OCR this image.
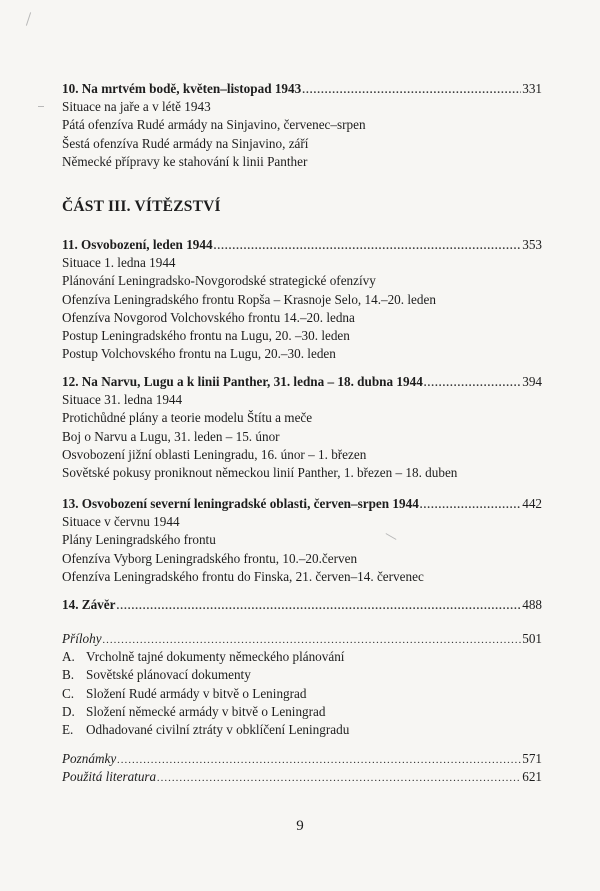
10. Na mrtvém bodě, květen–listopad 1943 .....	331
Situace na jaře a v létě 1943
Pátá ofenzíva Rudé armády na Sinjavino, červenec–srpen
Šestá ofenzíva Rudé armády na Sinjavino, září
Německé přípravy ke stahování k linii Panther
ČÁST III. VÍTĚZSTVÍ
11. Osvobození, leden 1944 .....	353
Situace 1. ledna 1944
Plánování Leningradsko-Novgorodské strategické ofenzívy
Ofenzíva Leningradského frontu Ropša – Krasnoje Selo, 14.–20. leden
Ofenzíva Novgorod Volchovského frontu 14.–20. ledna
Postup Leningradského frontu na Lugu, 20. –30. leden
Postup Volchovského frontu na Lugu, 20.–30. leden
12. Na Narvu, Lugu a k linii Panther, 31. ledna – 18. dubna 1944 .....	394
Situace 31. ledna 1944
Protichůdné plány a teorie modelu Štítu a meče
Boj o Narvu a Lugu, 31. leden – 15. únor
Osvobození jižní oblasti Leningradu, 16. únor – 1. březen
Sovětské pokusy proniknout německou linií Panther, 1. březen – 18. duben
13. Osvobození severní leningradské oblasti, červen–srpen 1944 .....	442
Situace v červnu 1944
Plány Leningradského frontu
Ofenzíva Vyborg Leningradského frontu, 10.–20.červen
Ofenzíva Leningradského frontu do Finska, 21. červen–14. červenec
14. Závěr .....	488
Přílohy .....	501
A. Vrcholně tajné dokumenty německého plánování
B. Sovětské plánovací dokumenty
C. Složení Rudé armády v bitvě o Leningrad
D. Složení německé armády v bitvě o Leningrad
E. Odhadované civilní ztráty v obklíčení Leningradu
Poznámky .....	571
Použitá literatura .....	621
9
